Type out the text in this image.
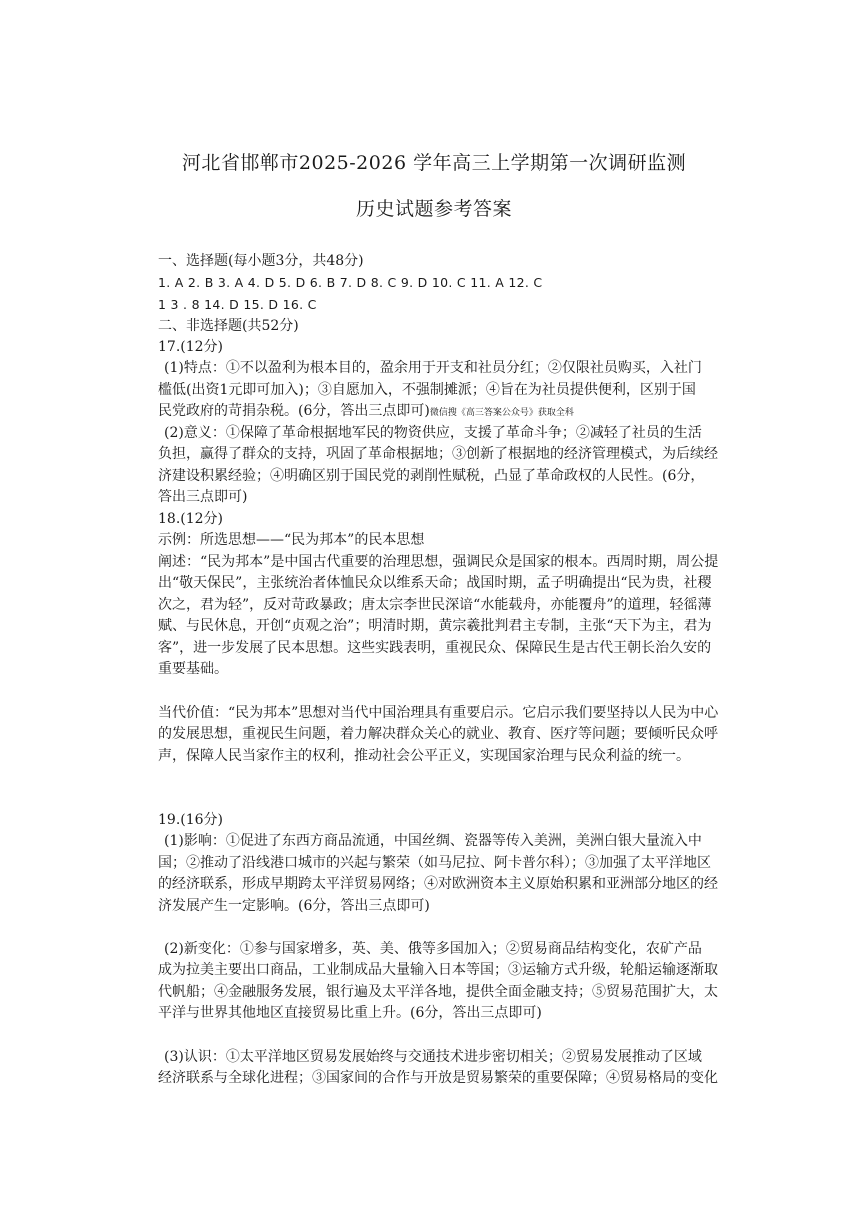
河北省邯郸市2025-2026 学年高三上学期第一次调研监测
历史试题参考答案
一、选择题(每小题3分，共48分)
1. A 2. B 3. A 4. D 5. D 6. B 7. D 8. C 9. D 10. C 11. A 12. C
1 3 . 8 14. D 15. D 16. C
二、非选择题(共52分)
17.(12分)
(1)特点：①不以盈利为根本目的，盈余用于开支和社员分红；②仅限社员购买，入社门
槛低(出资1元即可加入)；③自愿加入，不强制摊派；④旨在为社员提供便利，区别于国
民党政府的苛捐杂税。(6分，答出三点即可)微信搜《高三答案公众号》获取全科
(2)意义：①保障了革命根据地军民的物资供应，支援了革命斗争；②减轻了社员的生活
负担，赢得了群众的支持，巩固了革命根据地；③创新了根据地的经济管理模式，为后续经
济建设积累经验；④明确区别于国民党的剥削性赋税，凸显了革命政权的人民性。(6分，
答出三点即可)
18.(12分)
示例：所选思想——“民为邦本”的民本思想
阐述：“民为邦本”是中国古代重要的治理思想，强调民众是国家的根本。西周时期，周公提
出“敬天保民”，主张统治者体恤民众以维系天命；战国时期，孟子明确提出“民为贵，社稷
次之，君为轻”，反对苛政暴政；唐太宗李世民深谙“水能载舟，亦能覆舟”的道理，轻徭薄
赋、与民休息，开创“贞观之治”；明清时期，黄宗羲批判君主专制，主张“天下为主，君为
客”，进一步发展了民本思想。这些实践表明，重视民众、保障民生是古代王朝长治久安的
重要基础。
当代价值：“民为邦本”思想对当代中国治理具有重要启示。它启示我们要坚持以人民为中心
的发展思想，重视民生问题，着力解决群众关心的就业、教育、医疗等问题；要倾听民众呼
声，保障人民当家作主的权利，推动社会公平正义，实现国家治理与民众利益的统一。
19.(16分)
(1)影响：①促进了东西方商品流通，中国丝绸、瓷器等传入美洲，美洲白银大量流入中
国；②推动了沿线港口城市的兴起与繁荣（如马尼拉、阿卡普尔科）；③加强了太平洋地区
的经济联系，形成早期跨太平洋贸易网络；④对欧洲资本主义原始积累和亚洲部分地区的经
济发展产生一定影响。(6分，答出三点即可)
(2)新变化：①参与国家增多，英、美、俄等多国加入；②贸易商品结构变化，农矿产品
成为拉美主要出口商品，工业制成品大量输入日本等国；③运输方式升级，轮船运输逐渐取
代帆船；④金融服务发展，银行遍及太平洋各地，提供全面金融支持；⑤贸易范围扩大，太
平洋与世界其他地区直接贸易比重上升。(6分，答出三点即可)
(3)认识：①太平洋地区贸易发展始终与交通技术进步密切相关；②贸易发展推动了区域
经济联系与全球化进程；③国家间的合作与开放是贸易繁荣的重要保障；④贸易格局的变化
